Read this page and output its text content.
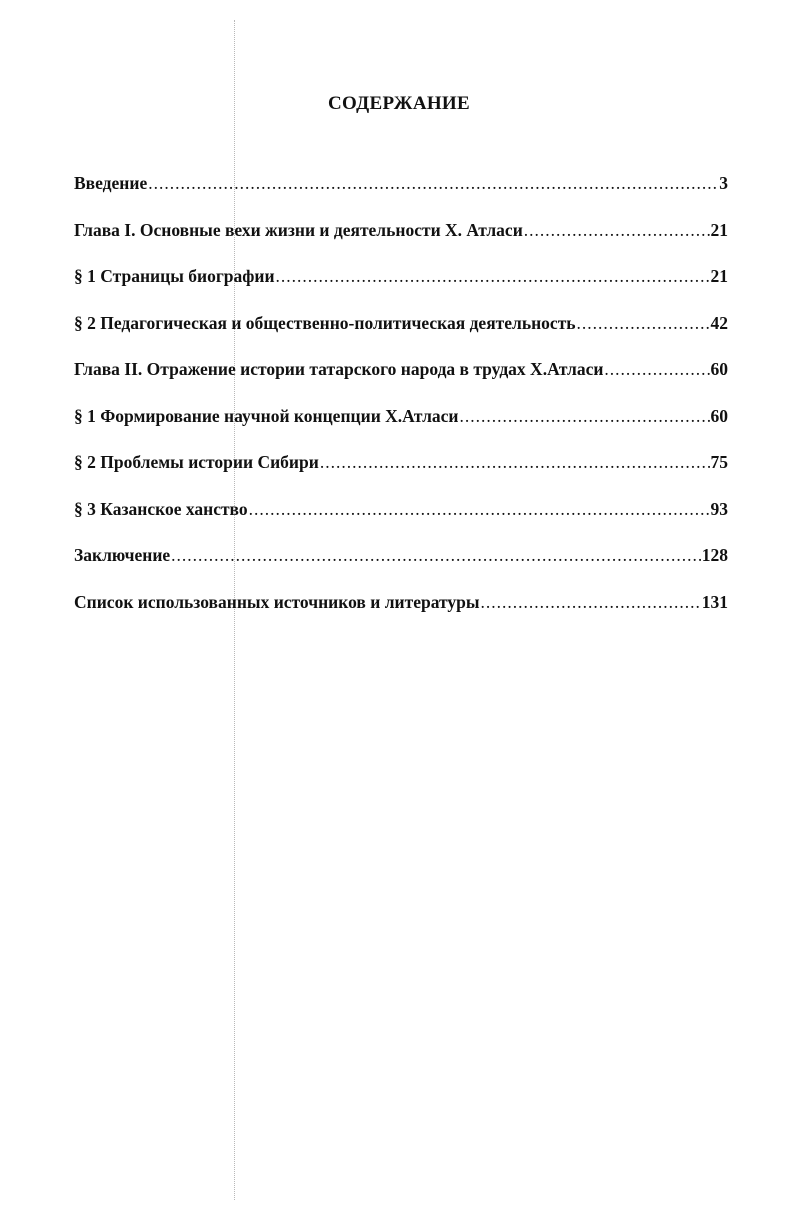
СОДЕРЖАНИЕ
Введение .....	3
Глава I. Основные вехи жизни и деятельности Х. Атласи .....	21
§ 1 Страницы биографии .....	21
§ 2 Педагогическая и общественно-политическая деятельность .....	42
Глава II. Отражение истории татарского народа в трудах Х.Атласи .....	60
§ 1 Формирование научной концепции Х.Атласи .....	60
§ 2 Проблемы истории Сибири .....	75
§ 3 Казанское ханство .....	93
Заключение .....	128
Список использованных источников и литературы .....	131
